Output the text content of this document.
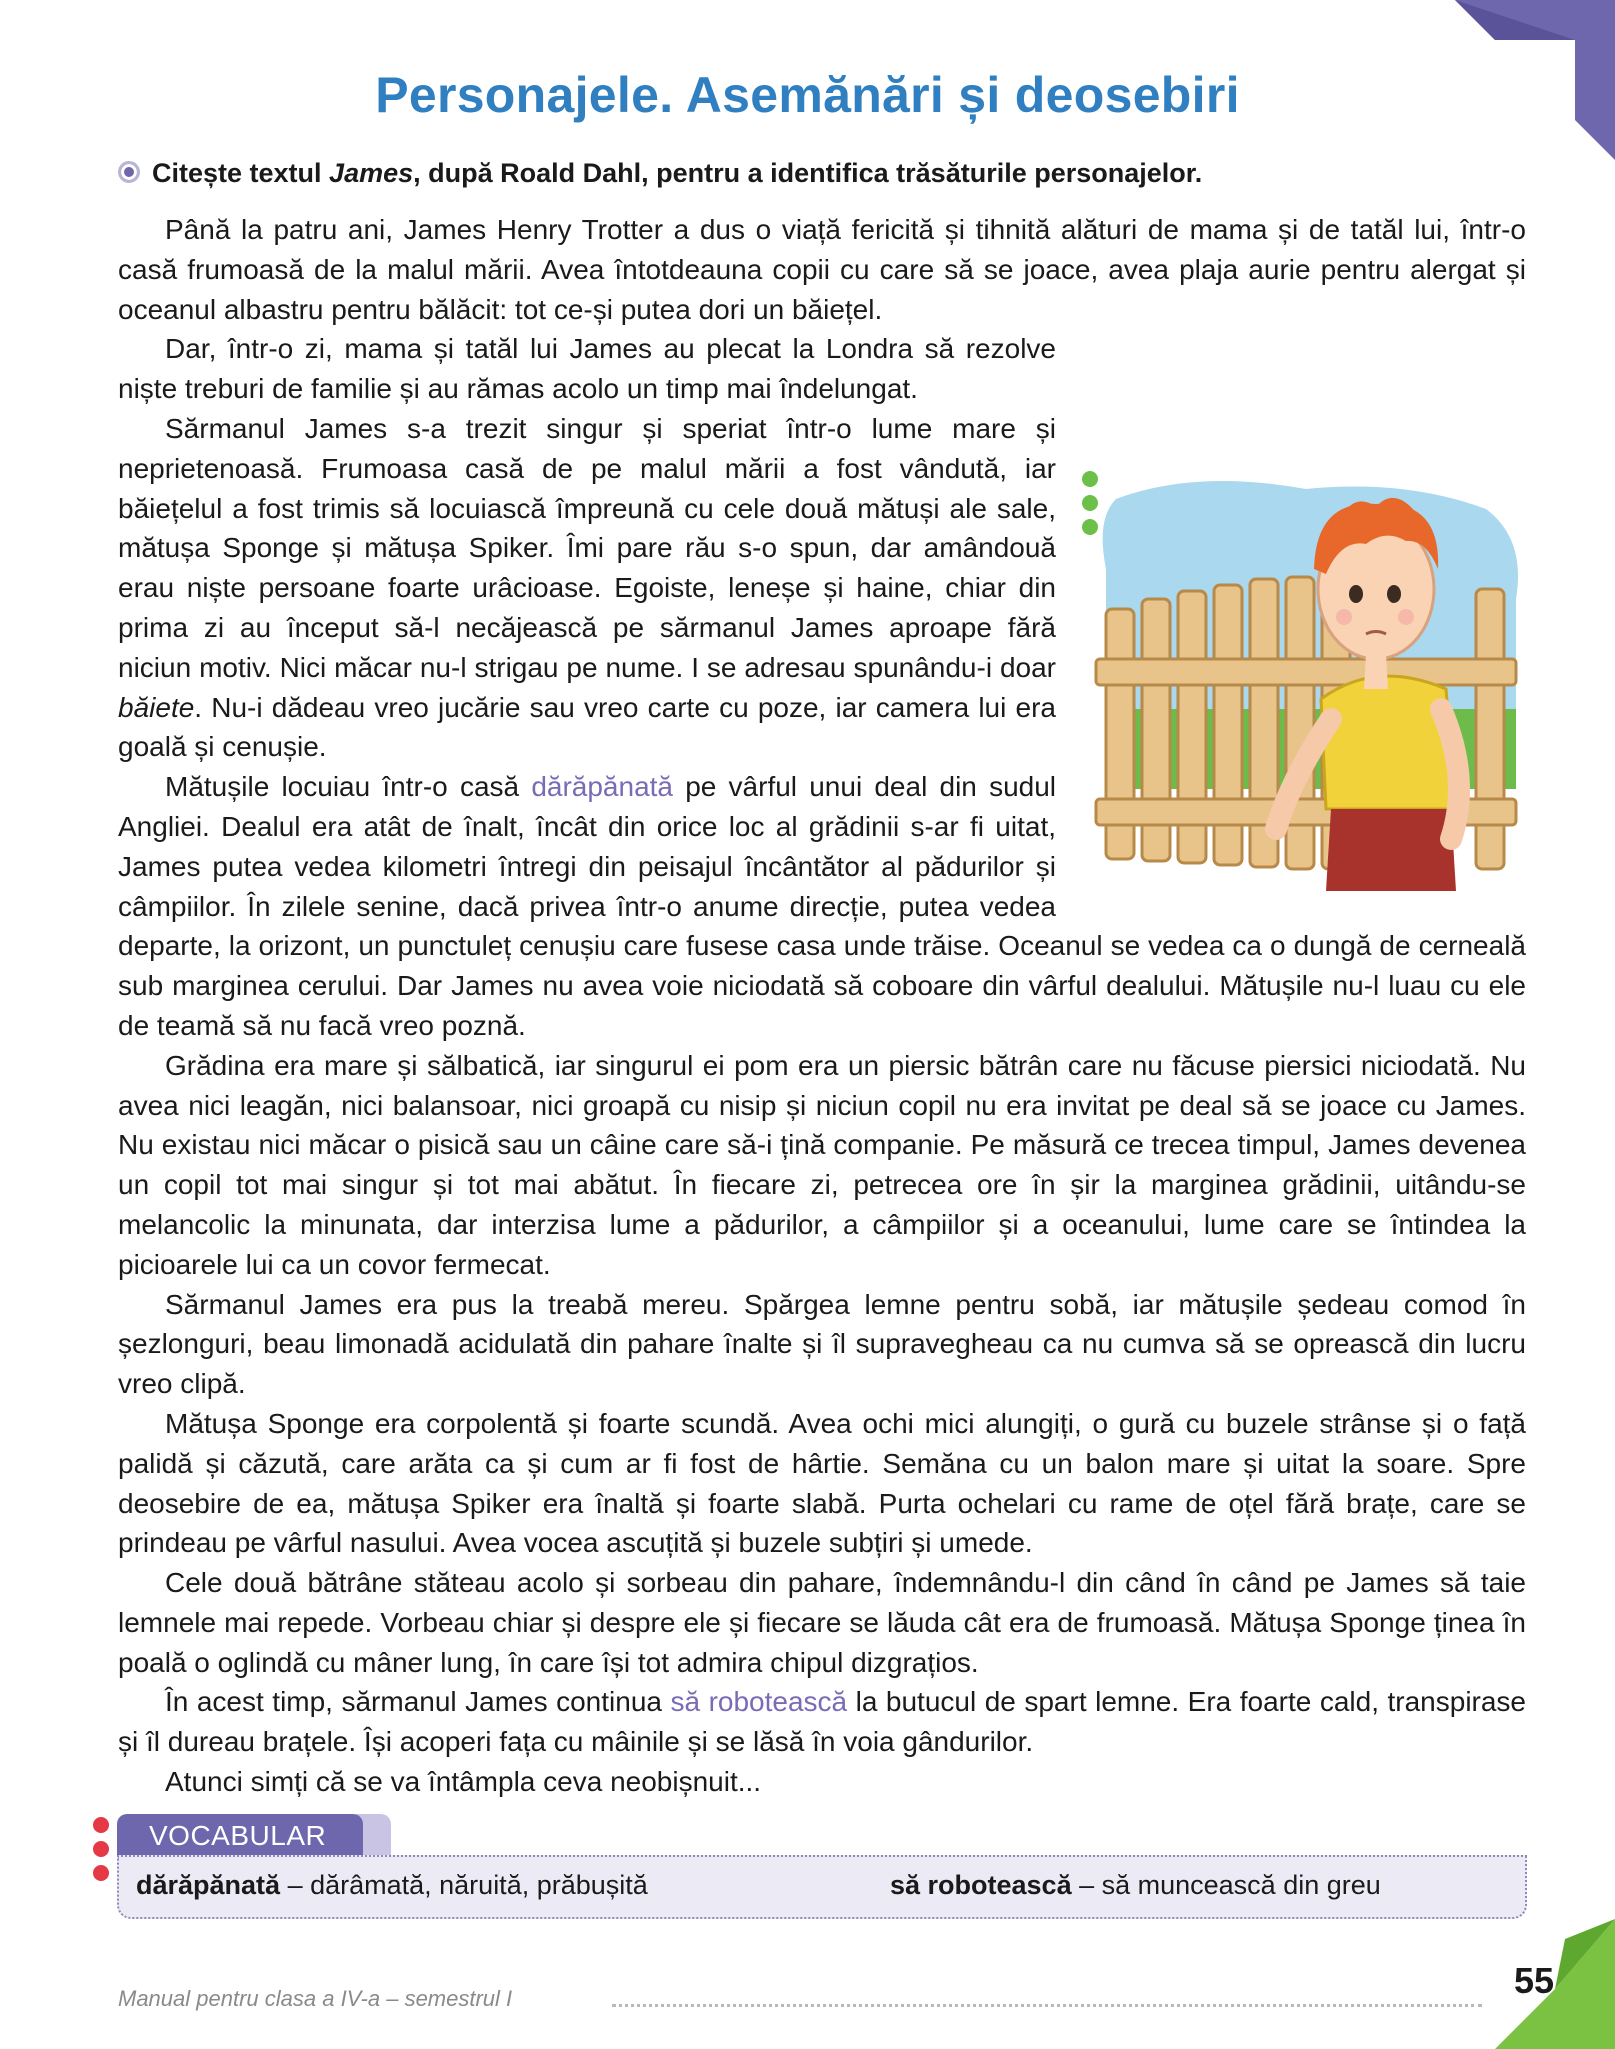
Personajele. Asemănări și deosebiri
Citește textul James, după Roald Dahl, pentru a identifica trăsăturile personajelor.

Până la patru ani, James Henry Trotter a dus o viață fericită și tihnită alături de mama și de tatăl lui, într-o casă frumoasă de la malul mării. Avea întotdeauna copii cu care să se joace, avea plaja aurie pentru alergat și oceanul albastru pentru bălăcit: tot ce-și putea dori un băiețel.

Dar, într-o zi, mama și tatăl lui James au plecat la Londra să rezolve niște treburi de familie și au rămas acolo un timp mai îndelungat.

Sărmanul James s-a trezit singur și speriat într-o lume mare și neprietenoasă. Frumoasa casă de pe malul mării a fost vândută, iar băiețelul a fost trimis să locuiască împreună cu cele două mătuși ale sale, mătușa Sponge și mătușa Spiker. Îmi pare rău s-o spun, dar amândouă erau niște persoane foarte urâcioase. Egoiste, leneșe și haine, chiar din prima zi au început să-l necăjească pe sărmanul James aproape fără niciun motiv. Nici măcar nu-l strigau pe nume. I se adresau spunându-i doar băiete. Nu-i dădeau vreo jucărie sau vreo carte cu poze, iar camera lui era goală și cenușie.

Mătușile locuiau într-o casă dărăpănată pe vârful unui deal din sudul Angliei. Dealul era atât de înalt, încât din orice loc al grădinii s-ar fi uitat, James putea vedea kilometri întregi din peisajul încântător al pădurilor și câmpiilor. În zilele senine, dacă privea într-o anume direcție, putea vedea departe, la orizont, un punctuleț cenușiu care fusese casa unde trăise. Oceanul se vedea ca o dungă de cerneală sub marginea cerului. Dar James nu avea voie niciodată să coboare din vârful dealului. Mătușile nu-l luau cu ele de teamă să nu facă vreo poznă.

Grădina era mare și sălbatică, iar singurul ei pom era un piersic bătrân care nu făcuse piersici niciodată. Nu avea nici leagăn, nici balansoar, nici groapă cu nisip și niciun copil nu era invitat pe deal să se joace cu James. Nu existau nici măcar o pisică sau un câine care să-i țină companie. Pe măsură ce trecea timpul, James devenea un copil tot mai singur și tot mai abătut. În fiecare zi, petrecea ore în șir la marginea grădinii, uitându-se melancolic la minunata, dar interzisa lume a pădurilor, a câmpiilor și a oceanului, lume care se întindea la picioarele lui ca un covor fermecat.

Sărmanul James era pus la treabă mereu. Spărgea lemne pentru sobă, iar mătușile ședeau comod în șezlonguri, beau limonadă acidulată din pahare înalte și îl supravegheau ca nu cumva să se oprească din lucru vreo clipă.

Mătușa Sponge era corpolentă și foarte scundă. Avea ochi mici alungiți, o gură cu buzele strânse și o față palidă și căzută, care arăta ca și cum ar fi fost de hârtie. Semăna cu un balon mare și uitat la soare. Spre deosebire de ea, mătușa Spiker era înaltă și foarte slabă. Purta ochelari cu rame de oțel fără brațe, care se prindeau pe vârful nasului. Avea vocea ascuțită și buzele subțiri și umede.

Cele două bătrâne stăteau acolo și sorbeau din pahare, îndemnându-l din când în când pe James să taie lemnele mai repede. Vorbeau chiar și despre ele și fiecare se lăuda cât era de frumoasă. Mătușa Sponge ținea în poală o oglindă cu mâner lung, în care își tot admira chipul dizgrațios.

În acest timp, sărmanul James continua să robotească la butucul de spart lemne. Era foarte cald, transpirase și îl dureau brațele. Își acoperi fața cu mâinile și se lăsă în voia gândurilor.

Atunci simți că se va întâmpla ceva neobișnuit...

VOCABULAR
dărăpănată – dărâmată, năruită, prăbușită	să robotească – să muncească din greu
Manual pentru clasa a IV-a – semestrul I	55
